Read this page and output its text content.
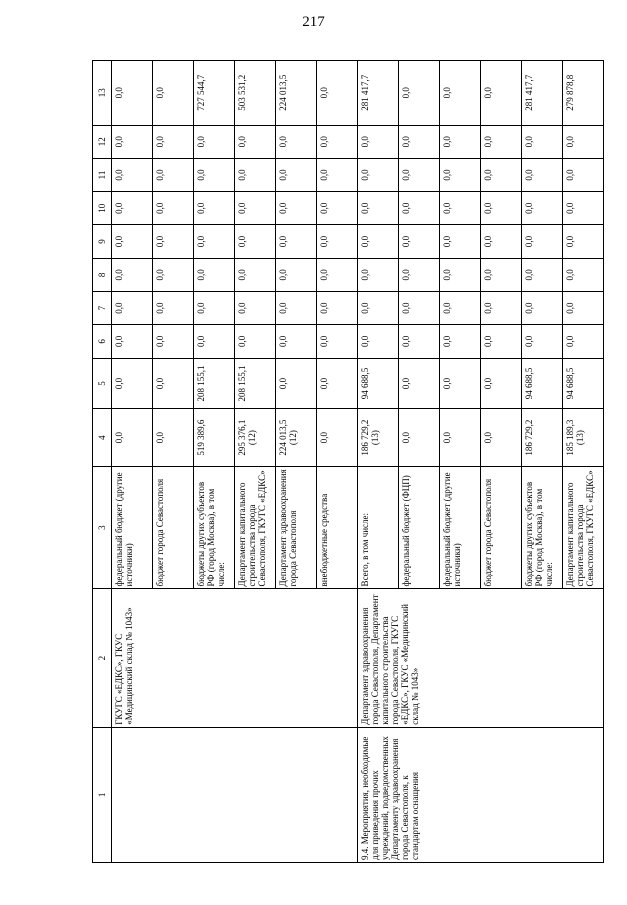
217
1	2	3	4	5	6	7	8	9	10	11	12	13
	ГКУГС «ЕДКС», ГКУС «Медицинский склад № 1043»	федеральный бюджет (другие источники)	0,0	0,0	0,0	0,0	0,0	0,0	0,0	0,0	0,0	0,0
		бюджет города Севастополя	0,0	0,0	0,0	0,0	0,0	0,0	0,0	0,0	0,0	0,0
		бюджеты других субъектов РФ (город Москва), в том числе:	519 389,6	208 155,1	0,0	0,0	0,0	0,0	0,0	0,0	0,0	727 544,7
		Департамент капитального строительства города Севастополя, ГКУГС «ЕДКС»	295 376,1 (12)	208 155,1	0,0	0,0	0,0	0,0	0,0	0,0	0,0	503 531,2
		Департамент здравоохранения города Севастополя	224 013,5 (12)	0,0	0,0	0,0	0,0	0,0	0,0	0,0	0,0	224 013,5
		внебюджетные средства	0,0	0,0	0,0	0,0	0,0	0,0	0,0	0,0	0,0	0,0
9.4. Мероприятия, необходимые для приведения прочих учреждений, подведомственных Департаменту здравоохранения города Севастополя, к стандартам оснащения	Департамент здравоохранения города Севастополя, Департамент капитального строительства города Севастополя, ГКУГС «ЕДКС», ГКУС «Медицинский склад № 1043»	Всего, в том числе:	186 729,2 (13)	94 688,5	0,0	0,0	0,0	0,0	0,0	0,0	0,0	281 417,7
		федеральный бюджет (ФЦП)	0,0	0,0	0,0	0,0	0,0	0,0	0,0	0,0	0,0	0,0
		федеральный бюджет (другие источники)	0,0	0,0	0,0	0,0	0,0	0,0	0,0	0,0	0,0	0,0
		бюджет города Севастополя	0,0	0,0	0,0	0,0	0,0	0,0	0,0	0,0	0,0	0,0
		бюджеты других субъектов РФ (город Москва), в том числе:	186 729,2	94 688,5	0,0	0,0	0,0	0,0	0,0	0,0	0,0	281 417,7
		Департамент капитального строительства города Севастополя, ГКУГС «ЕДКС»	185 189,3 (13)	94 688,5	0,0	0,0	0,0	0,0	0,0	0,0	0,0	279 878,8
